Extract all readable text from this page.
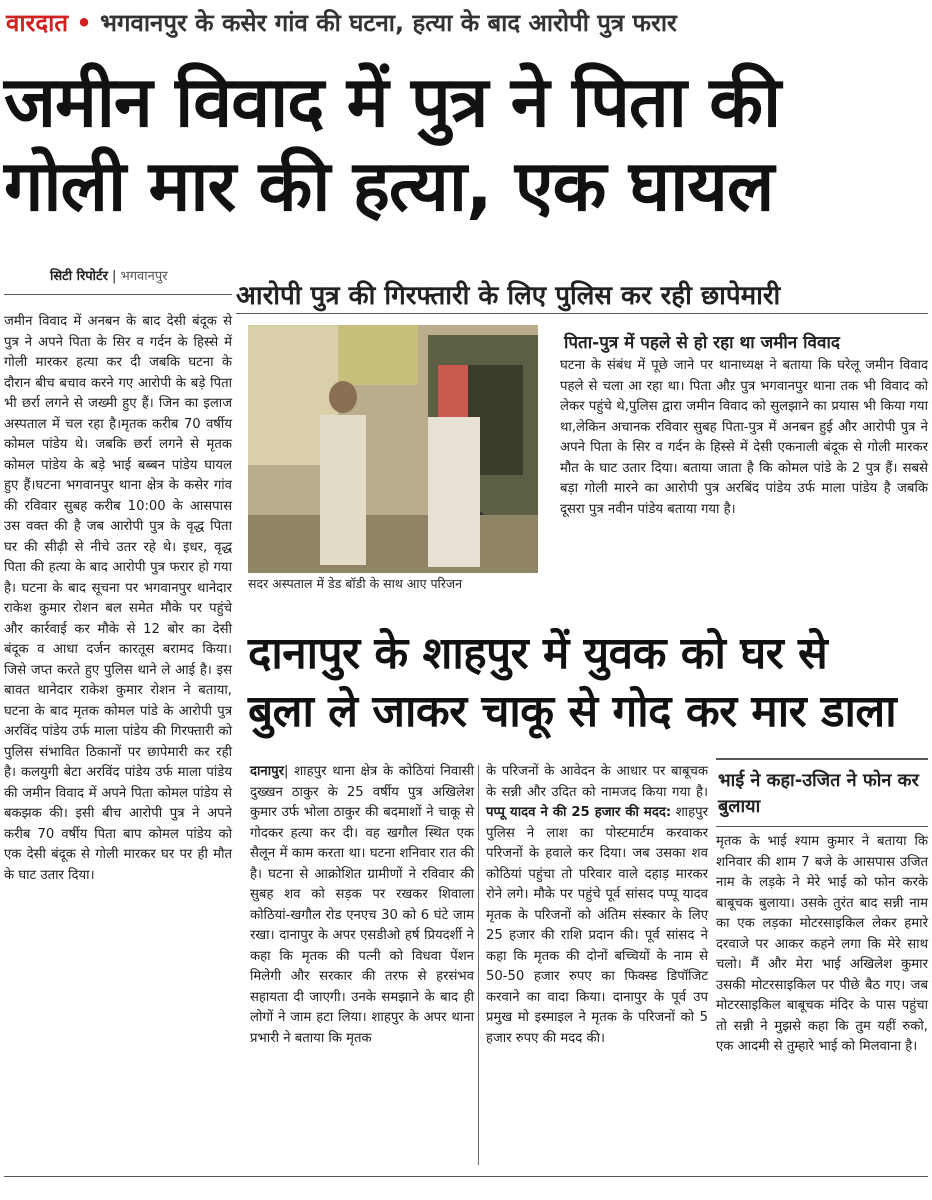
वारदात • भगवानपुर के कसेर गांव की घटना, हत्या के बाद आरोपी पुत्र फरार
जमीन विवाद में पुत्र ने पिता की
गोली मार की हत्या, एक घायल
सिटी रिपोर्टर | भगवानपुर
आरोपी पुत्र की गिरफ्तारी के लिए पुलिस कर रही छापेमारी
जमीन विवाद में अनबन के बाद देसी बंदूक से पुत्र ने अपने पिता के सिर व गर्दन के हिस्से में गोली मारकर हत्या कर दी जबकि घटना के दौरान बीच बचाव करने गए आरोपी के बड़े पिता भी छर्रा लगने से जख्मी हुए हैं। जिन का इलाज अस्पताल में चल रहा है।मृतक करीब 70 वर्षीय कोमल पांडेय थे। जबकि छर्रा लगने से मृतक कोमल पांडेय के बड़े भाई बब्बन पांडेय घायल हुए हैं।घटना भगवानपुर थाना क्षेत्र के कसेर गांव की रविवार सुबह करीब 10:00 के आसपास उस वक्त की है जब आरोपी पुत्र के वृद्ध पिता घर की सीढ़ी से नीचे उतर रहे थे। इधर, वृद्ध पिता की हत्या के बाद आरोपी पुत्र फरार हो गया है। घटना के बाद सूचना पर भगवानपुर थानेदार राकेश कुमार रोशन बल समेत मौके पर पहुंचे और कार्रवाई कर मौके से 12 बोर का देसी बंदूक व आधा दर्जन कारतूस बरामद किया। जिसे जप्त करते हुए पुलिस थाने ले आई है। इस बावत थानेदार राकेश कुमार रोशन ने बताया, घटना के बाद मृतक कोमल पांडे के आरोपी पुत्र अरविंद पांडेय उर्फ माला पांडेय की गिरफ्तारी को पुलिस संभावित ठिकानों पर छापेमारी कर रही है। कलयुगी बेटा अरविंद पांडेय उर्फ माला पांडेय की जमीन विवाद में अपने पिता कोमल पांडेय से बकझक की। इसी बीच आरोपी पुत्र ने अपने करीब 70 वर्षीय पिता बाप कोमल पांडेय को एक देसी बंदूक से गोली मारकर घर पर ही मौत के घाट उतार दिया।
सदर अस्पताल में डेड बॉडी के साथ आए परिजन
पिता-पुत्र में पहले से हो रहा था जमीन विवाद
घटना के संबंध में पूछे जाने पर थानाध्यक्ष ने बताया कि घरेलू जमीन विवाद पहले से चला आ रहा था। पिता औऱ पुत्र भगवानपुर थाना तक भी विवाद को लेकर पहुंचे थे,पुलिस द्वारा जमीन विवाद को सुलझाने का प्रयास भी किया गया था,लेकिन अचानक रविवार सुबह पिता-पुत्र में अनबन हुई और आरोपी पुत्र ने अपने पिता के सिर व गर्दन के हिस्से में देसी एकनाली बंदूक से गोली मारकर मौत के घाट उतार दिया। बताया जाता है कि कोमल पांडे के 2 पुत्र हैं। सबसे बड़ा गोली मारने का आरोपी पुत्र अरबिंद पांडेय उर्फ माला पांडेय है जबकि दूसरा पुत्र नवीन पांडेय बताया गया है।
दानापुर के शाहपुर में युवक को घर से
बुला ले जाकर चाकू से गोद कर मार डाला
दानापुर| शाहपुर थाना क्षेत्र के कोठियां निवासी दुख्खन ठाकुर के 25 वर्षीय पुत्र अखिलेश कुमार उर्फ भोला ठाकुर की बदमाशों ने चाकू से गोदकर हत्या कर दी। वह खगौल स्थित एक सैलून में काम करता था। घटना शनिवार रात की है। घटना से आक्रोशित ग्रामीणों ने रविवार की सुबह शव को सड़क पर रखकर शिवाला कोठियां-खगौल रोड एनएच 30 को 6 घंटे जाम रखा। दानापुर के अपर एसडीओ हर्ष प्रियदर्शी ने कहा कि मृतक की पत्नी को विधवा पेंशन मिलेगी और सरकार की तरफ से हरसंभव सहायता दी जाएगी। उनके समझाने के बाद ही लोगों ने जाम हटा लिया। शाहपुर के अपर थाना प्रभारी ने बताया कि मृतक
के परिजनों के आवेदन के आधार पर बाबूचक के सन्नी और उदित को नामजद किया गया है। पप्पू यादव ने की 25 हजार की मदद: शाहपुर पुलिस ने लाश का पोस्टमार्टम करवाकर परिजनों के हवाले कर दिया। जब उसका शव कोठियां पहुंचा तो परिवार वाले दहाड़ मारकर रोने लगे। मौके पर पहुंचे पूर्व सांसद पप्पू यादव मृतक के परिजनों को अंतिम संस्कार के लिए 25 हजार की राशि प्रदान की। पूर्व सांसद ने कहा कि मृतक की दोनों बच्चियों के नाम से 50-50 हजार रुपए का फिक्स्ड डिपॉजिट करवाने का वादा किया। दानापुर के पूर्व उप प्रमुख मो इस्माइल ने मृतक के परिजनों को 5 हजार रुपए की मदद की।
भाई ने कहा-उजित ने फोन कर बुलाया
मृतक के भाई श्याम कुमार ने बताया कि शनिवार की शाम 7 बजे के आसपास उजित नाम के लड़के ने मेरे भाई को फोन करके बाबूचक बुलाया। उसके तुरंत बाद सन्नी नाम का एक लड़का मोटरसाइकिल लेकर हमारे दरवाजे पर आकर कहने लगा कि मेरे साथ चलो। मैं और मेरा भाई अखिलेश कुमार उसकी मोटरसाइकिल पर पीछे बैठ गए। जब मोटरसाइकिल बाबूचक मंदिर के पास पहुंचा तो सन्नी ने मुझसे कहा कि तुम यहीं रुको, एक आदमी से तुम्हारे भाई को मिलवाना है।
